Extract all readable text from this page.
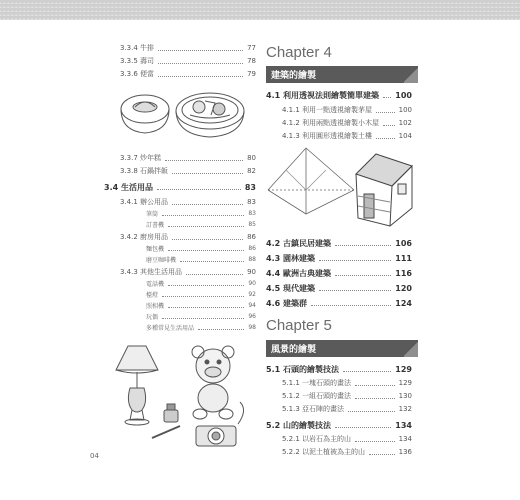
3.3.4 牛排	77
3.3.5 壽司	78
3.3.6 便當	79
3.3.7 炒年糕	80
3.3.8 石鍋拌飯	82
3.4 生活用品	83
3.4.1 辦公用品	83
筆筒	83
訂書機	85
3.4.2 廚房用品	86
麵包機	86
磨豆咖啡機	88
3.4.3 其他生活用品	90
電話機	90
檯燈	92
照相機	94
玩偶	96
多種常見生活用品	98
Chapter 4
建築的繪製
4.1 利用透視法則繪製簡單建築 100
4.1.1 利用一點透視繪製茅屋	100
4.1.2 利用兩點透視繪製小木屋	102
4.1.3 利用圓形透視繪製土樓	104
4.2 古鎮民居建築	106
4.3 園林建築	111
4.4 歐洲古典建築	116
4.5 現代建築	120
4.6 建築群	124
Chapter 5
風景的繪製
5.1 石頭的繪製技法	129
5.1.1 一塊石頭的畫法	129
5.1.2 一組石頭的畫法	130
5.1.3 亞石陣的畫法	132
5.2 山的繪製技法	134
5.2.1 以岩石為主的山	134
5.2.2 以泥土植被為主的山	136
04
